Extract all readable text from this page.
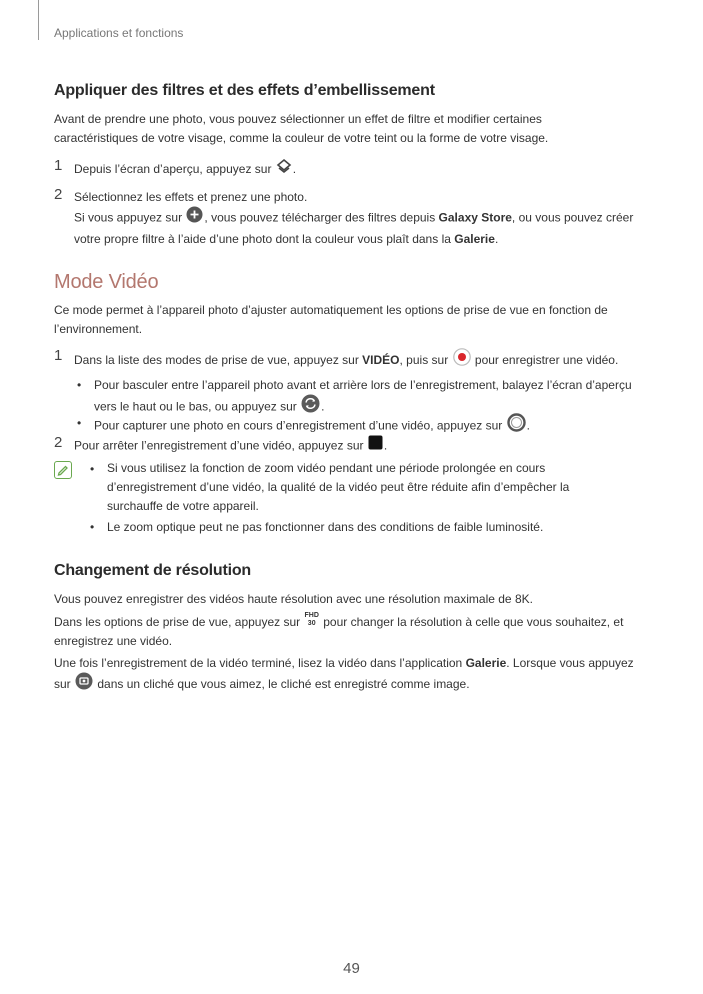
Applications et fonctions
Appliquer des filtres et des effets d’embellissement
Avant de prendre une photo, vous pouvez sélectionner un effet de filtre et modifier certaines
caractéristiques de votre visage, comme la couleur de votre teint ou la forme de votre visage.
1 Depuis l’écran d’aperçu, appuyez sur .
2 Sélectionnez les effets et prenez une photo.
Si vous appuyez sur , vous pouvez télécharger des filtres depuis Galaxy Store, ou vous pouvez créer
votre propre filtre à l’aide d’une photo dont la couleur vous plaît dans la Galerie.
Mode Vidéo
Ce mode permet à l’appareil photo d’ajuster automatiquement les options de prise de vue en fonction de
l’environnement.
1 Dans la liste des modes de prise de vue, appuyez sur VIDÉO, puis sur pour enregistrer une vidéo.
• Pour basculer entre l’appareil photo avant et arrière lors de l’enregistrement, balayez l’écran d’aperçu
vers le haut ou le bas, ou appuyez sur .
• Pour capturer une photo en cours d’enregistrement d’une vidéo, appuyez sur .
2 Pour arrêter l’enregistrement d’une vidéo, appuyez sur .
• Si vous utilisez la fonction de zoom vidéo pendant une période prolongée en cours
d’enregistrement d’une vidéo, la qualité de la vidéo peut être réduite afin d’empêcher la
surchauffe de votre appareil.
• Le zoom optique peut ne pas fonctionner dans des conditions de faible luminosité.
Changement de résolution
Vous pouvez enregistrer des vidéos haute résolution avec une résolution maximale de 8K.
Dans les options de prise de vue, appuyez sur FHD
30 pour changer la résolution à celle que vous souhaitez, et
enregistrez une vidéo.
Une fois l’enregistrement de la vidéo terminé, lisez la vidéo dans l’application Galerie. Lorsque vous appuyez
sur dans un cliché que vous aimez, le cliché est enregistré comme image.
49
